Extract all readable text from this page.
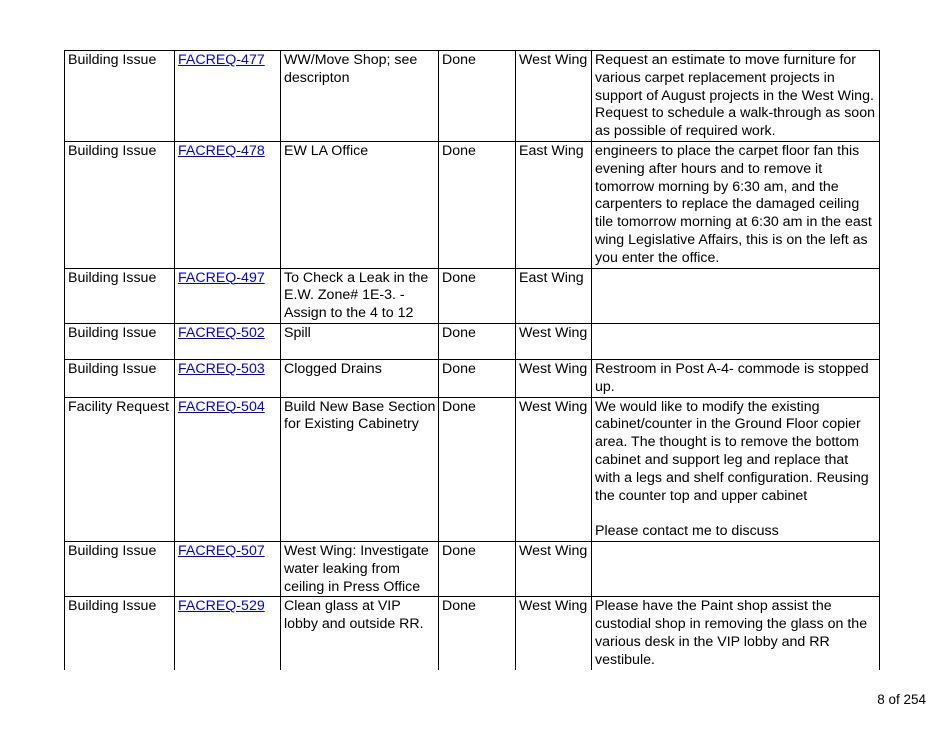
Building Issue	FACREQ-477	WW/Move Shop; see descripton	Done	West Wing	Request an estimate to move furniture for various carpet replacement projects in support of August projects in the West Wing. Request to schedule a walk-through as soon as possible of required work.
Building Issue	FACREQ-478	EW LA Office	Done	East Wing	engineers to place the carpet floor fan this evening after hours and to remove it tomorrow morning by 6:30 am, and the carpenters to replace the damaged ceiling tile tomorrow morning at 6:30 am in the east wing Legislative Affairs, this is on the left as you enter the office.
Building Issue	FACREQ-497	To Check a Leak in the E.W. Zone# 1E-3. - Assign to the 4 to 12	Done	East Wing	
Building Issue	FACREQ-502	Spill	Done	West Wing	
Building Issue	FACREQ-503	Clogged Drains	Done	West Wing	Restroom in Post A-4- commode is stopped up.
Facility Request	FACREQ-504	Build New Base Section for Existing Cabinetry	Done	West Wing	We would like to modify the existing cabinet/counter in the Ground Floor copier area. The thought is to remove the bottom cabinet and support leg and replace that with a legs and shelf configuration. Reusing the counter top and upper cabinet

Please contact me to discuss
Building Issue	FACREQ-507	West Wing: Investigate water leaking from ceiling in Press Office	Done	West Wing	
Building Issue	FACREQ-529	Clean glass at VIP lobby and outside RR.	Done	West Wing	Please have the Paint shop assist the custodial shop in removing the glass on the various desk in the VIP lobby and RR vestibule.
8 of 254
